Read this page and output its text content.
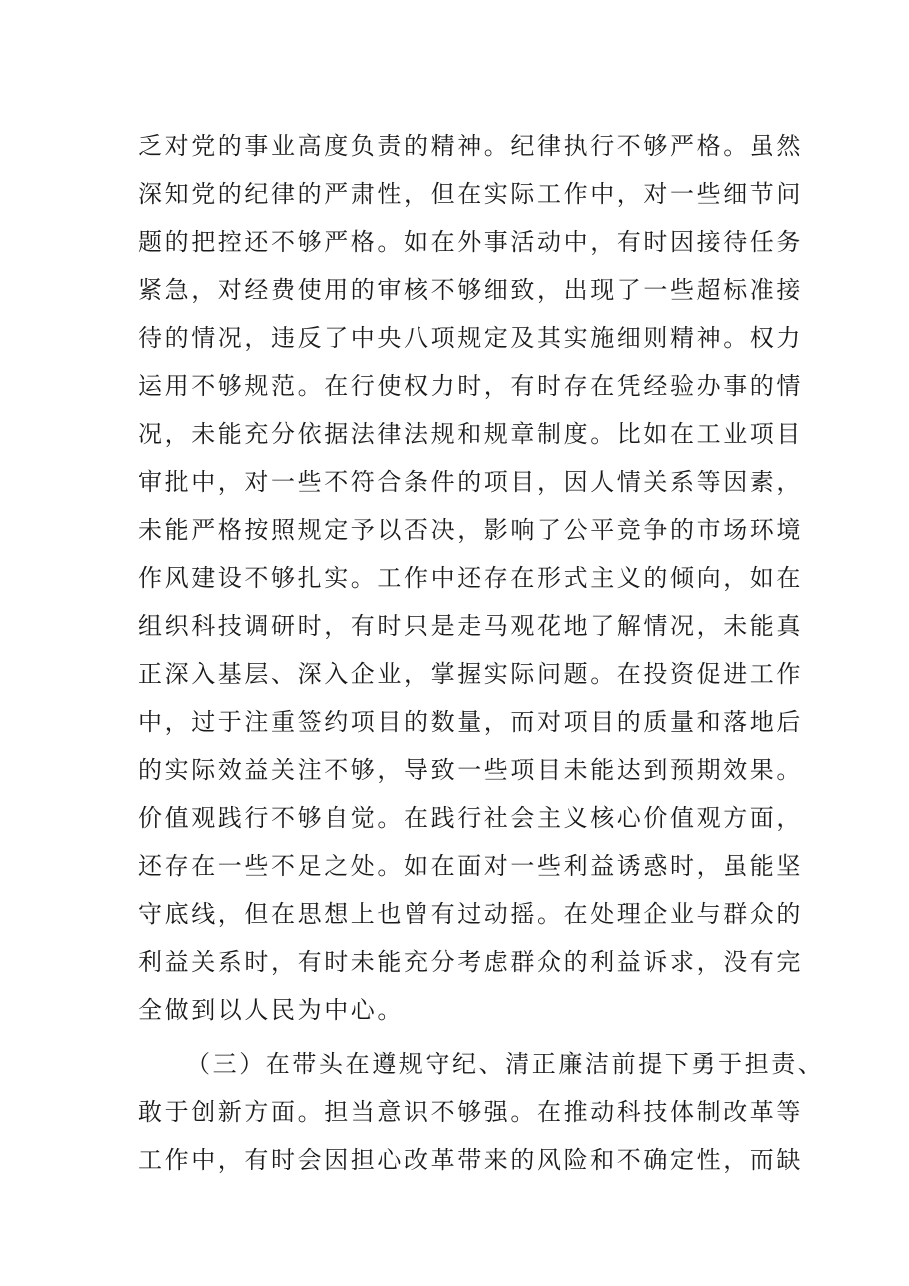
乏对党的事业高度负责的精神。纪律执行不够严格。虽然
深知党的纪律的严肃性，但在实际工作中，对一些细节问
题的把控还不够严格。如在外事活动中，有时因接待任务
紧急，对经费使用的审核不够细致，出现了一些超标准接
待的情况，违反了中央八项规定及其实施细则精神。权力
运用不够规范。在行使权力时，有时存在凭经验办事的情
况，未能充分依据法律法规和规章制度。比如在工业项目
审批中，对一些不符合条件的项目，因人情关系等因素，
未能严格按照规定予以否决，影响了公平竞争的市场环境
作风建设不够扎实。工作中还存在形式主义的倾向，如在
组织科技调研时，有时只是走马观花地了解情况，未能真
正深入基层、深入企业，掌握实际问题。在投资促进工作
中，过于注重签约项目的数量，而对项目的质量和落地后
的实际效益关注不够，导致一些项目未能达到预期效果。
价值观践行不够自觉。在践行社会主义核心价值观方面，
还存在一些不足之处。如在面对一些利益诱惑时，虽能坚
守底线，但在思想上也曾有过动摇。在处理企业与群众的
利益关系时，有时未能充分考虑群众的利益诉求，没有完
全做到以人民为中心。
（三）在带头在遵规守纪、清正廉洁前提下勇于担责、
敢于创新方面。担当意识不够强。在推动科技体制改革等
工作中，有时会因担心改革带来的风险和不确定性，而缺
